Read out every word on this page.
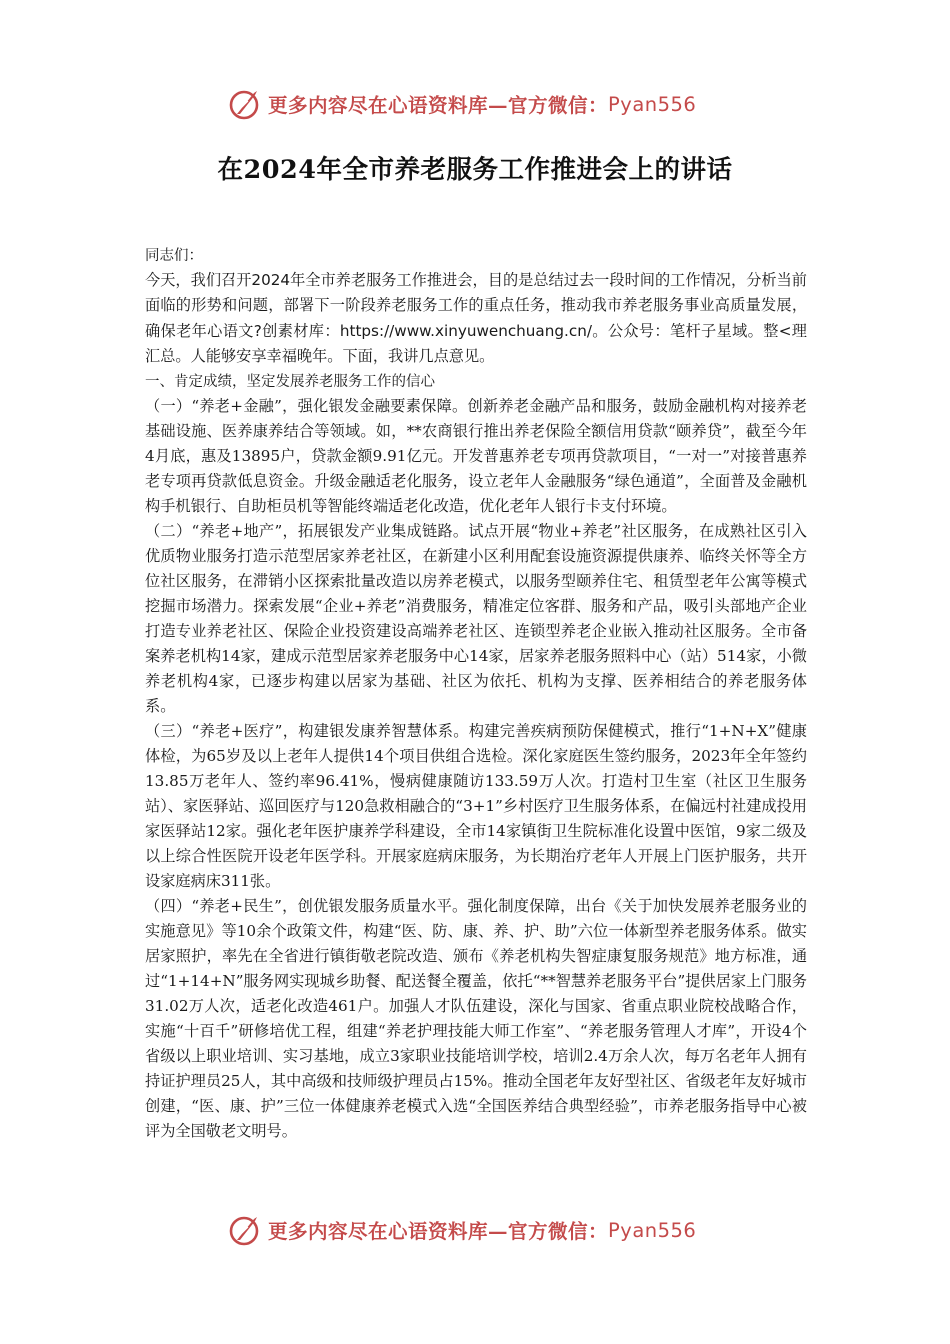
更多内容尽在心语资料库—官方微信： Pyan556
在2024年全市养老服务工作推进会上的讲话

同志们：

今天，我们召开2024年全市养老服务工作推进会，目的是总结过去一段时间的工作情况，分析当前面临的形势和问题，部署下一阶段养老服务工作的重点任务，推动我市养老服务事业高质量发展，确保老年心语文?创素材库：https://www.xinyuwenchuang.cn/。公众号：笔杆子星域。整<理汇总。人能够安享幸福晚年。下面，我讲几点意见。

一、肯定成绩，坚定发展养老服务工作的信心

（一）“养老+金融”，强化银发金融要素保障。创新养老金融产品和服务，鼓励金融机构对接养老基础设施、医养康养结合等领域。如，**农商银行推出养老保险全额信用贷款“颐养贷”，截至今年4月底，惠及13895户，贷款金额9.91亿元。开发普惠养老专项再贷款项目，“一对一”对接普惠养老专项再贷款低息资金。升级金融适老化服务，设立老年人金融服务“绿色通道”，全面普及金融机构手机银行、自助柜员机等智能终端适老化改造，优化老年人银行卡支付环境。

（二）“养老+地产”，拓展银发产业集成链路。试点开展“物业+养老”社区服务，在成熟社区引入优质物业服务打造示范型居家养老社区，在新建小区利用配套设施资源提供康养、临终关怀等全方位社区服务，在滞销小区探索批量改造以房养老模式，以服务型颐养住宅、租赁型老年公寓等模式挖掘市场潜力。探索发展“企业+养老”消费服务，精准定位客群、服务和产品，吸引头部地产企业打造专业养老社区、保险企业投资建设高端养老社区、连锁型养老企业嵌入推动社区服务。全市备案养老机构14家，建成示范型居家养老服务中心14家，居家养老服务照料中心（站）514家，小微养老机构4家，已逐步构建以居家为基础、社区为依托、机构为支撑、医养相结合的养老服务体系。

（三）“养老+医疗”，构建银发康养智慧体系。构建完善疾病预防保健模式，推行“1+N+X”健康体检，为65岁及以上老年人提供14个项目供组合选检。深化家庭医生签约服务，2023年全年签约13.85万老年人、签约率96.41%，慢病健康随访133.59万人次。打造村卫生室（社区卫生服务站）、家医驿站、巡回医疗与120急救相融合的“3+1”乡村医疗卫生服务体系，在偏远村社建成投用家医驿站12家。强化老年医护康养学科建设，全市14家镇街卫生院标准化设置中医馆，9家二级及以上综合性医院开设老年医学科。开展家庭病床服务，为长期治疗老年人开展上门医护服务，共开设家庭病床311张。

（四）“养老+民生”，创优银发服务质量水平。强化制度保障，出台《关于加快发展养老服务业的实施意见》等10余个政策文件，构建“医、防、康、养、护、助”六位一体新型养老服务体系。做实居家照护，率先在全省进行镇街敬老院改造、颁布《养老机构失智症康复服务规范》地方标准，通过“1+14+N”服务网实现城乡助餐、配送餐全覆盖，依托“**智慧养老服务平台”提供居家上门服务31.02万人次，适老化改造461户。加强人才队伍建设，深化与国家、省重点职业院校战略合作，实施“十百千”研修培优工程，组建“养老护理技能大师工作室”、“养老服务管理人才库”，开设4个省级以上职业培训、实习基地，成立3家职业技能培训学校，培训2.4万余人次，每万名老年人拥有持证护理员25人，其中高级和技师级护理员占15%。推动全国老年友好型社区、省级老年友好城市创建，“医、康、护”三位一体健康养老模式入选“全国医养结合典型经验”，市养老服务指导中心被评为全国敬老文明号。

更多内容尽在心语资料库—官方微信： Pyan556
